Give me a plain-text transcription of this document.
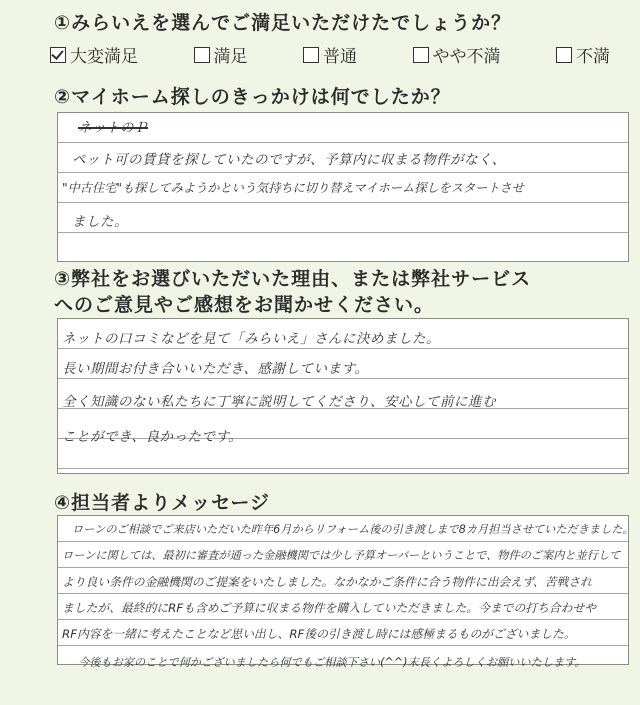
①みらいえを選んでご満足いただけたでしょうか？
大変満足	満足	普通	やや不満	不満
②マイホーム探しのきっかけは何でしたか？

ネットのＰ

ペット可の賃貸を探していたのですが、予算内に収まる物件がなく、

"中古住宅"も探してみようかという気持ちに切り替えマイホーム探しをスタートさせ

ました。

③弊社をお選びいただいた理由、または弊社サービス
へのご意見やご感想をお聞かせください。

ネットの口コミなどを見て「みらいえ」さんに決めました。

長い期間お付き合いいただき、感謝しています。

全く知識のない私たちに丁寧に説明してくださり、安心して前に進む

ことができ、良かったです。

④担当者よりメッセージ

ローンのご相談でご来店いただいた昨年6月からリフォーム後の引き渡しまで8カ月担当させていただきました。

ローンに関しては、最初に審査が通った金融機関では少し予算オーバーということで、物件のご案内と並行して

より良い条件の金融機関のご提案をいたしました。なかなかご条件に合う物件に出会えず、苦戦され

ましたが、最終的にRFも含めご予算に収まる物件を購入していただきました。今までの打ち合わせや

RF内容を一緒に考えたことなど思い出し、RF後の引き渡し時には感極まるものがございました。

今後もお家のことで何かございましたら何でもご相談下さい(^^)末長くよろしくお願いいたします。
